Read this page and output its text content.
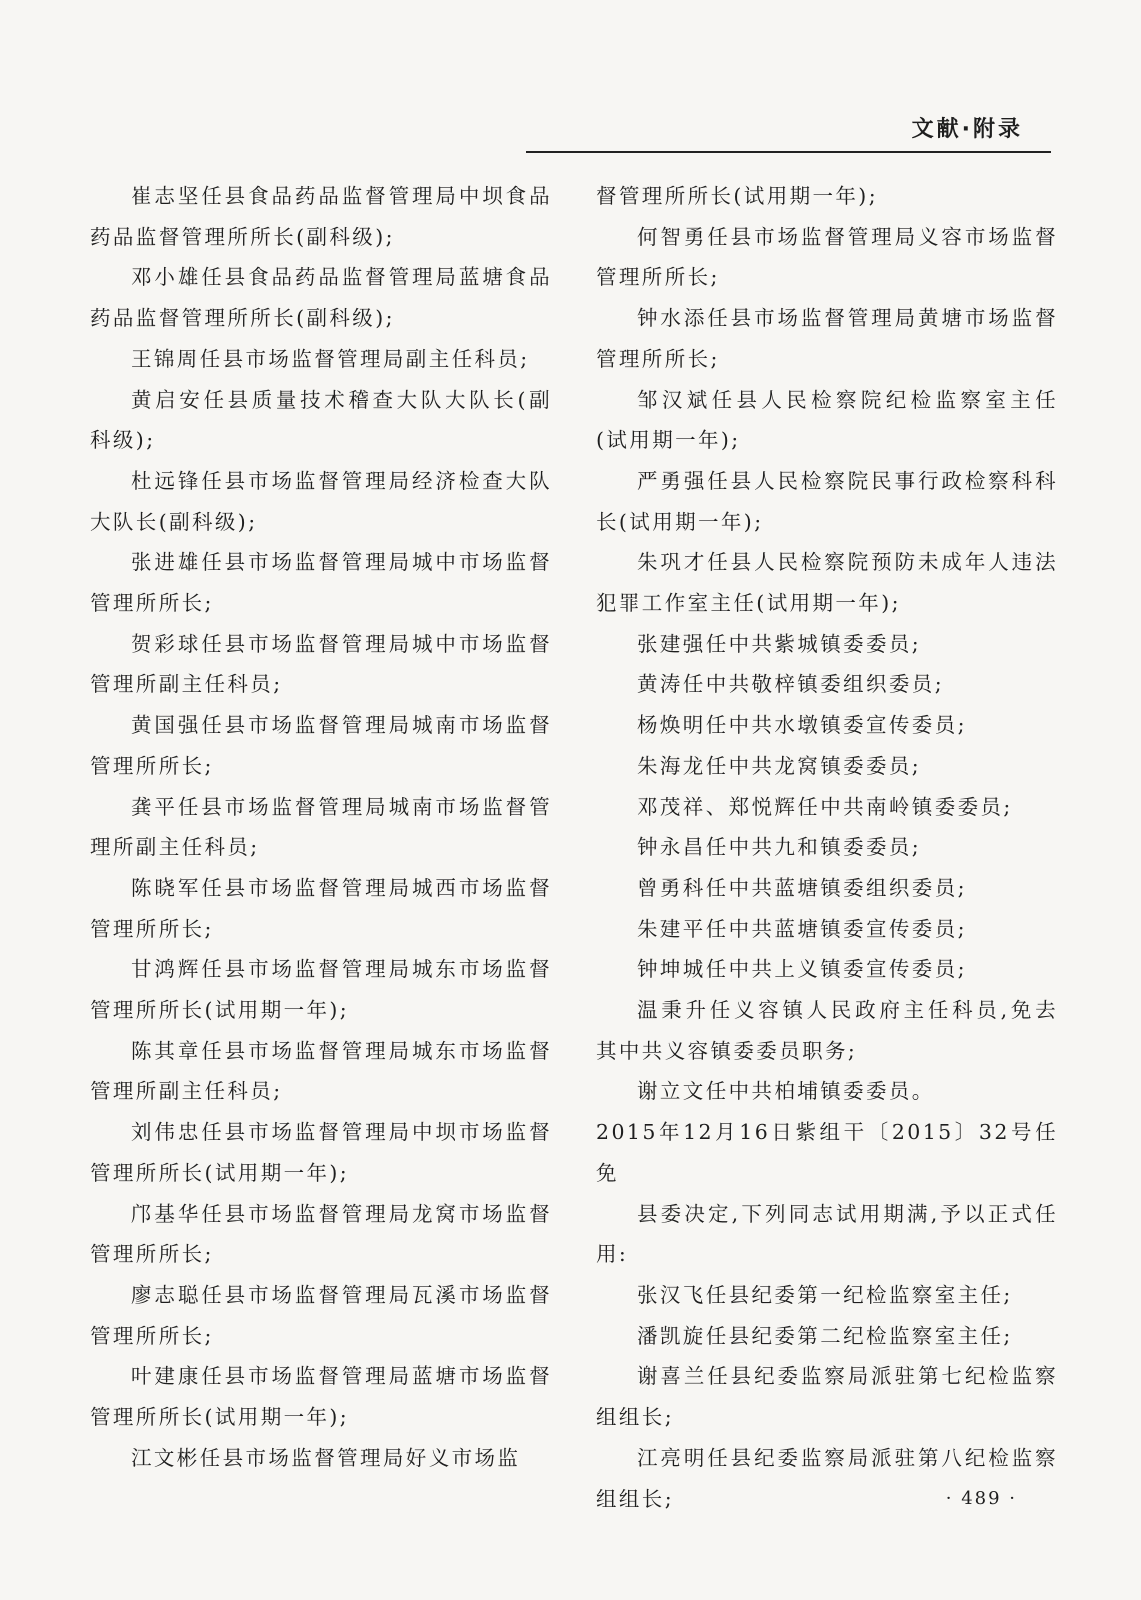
文献·附录

崔志坚任县食品药品监督管理局中坝食品药品监督管理所所长(副科级);

邓小雄任县食品药品监督管理局蓝塘食品药品监督管理所所长(副科级);

王锦周任县市场监督管理局副主任科员;

黄启安任县质量技术稽查大队大队长(副科级);

杜远锋任县市场监督管理局经济检查大队大队长(副科级);

张进雄任县市场监督管理局城中市场监督管理所所长;

贺彩球任县市场监督管理局城中市场监督管理所副主任科员;

黄国强任县市场监督管理局城南市场监督管理所所长;

龚平任县市场监督管理局城南市场监督管理所副主任科员;

陈晓军任县市场监督管理局城西市场监督管理所所长;

甘鸿辉任县市场监督管理局城东市场监督管理所所长(试用期一年);

陈其章任县市场监督管理局城东市场监督管理所副主任科员;

刘伟忠任县市场监督管理局中坝市场监督管理所所长(试用期一年);

邝基华任县市场监督管理局龙窝市场监督管理所所长;

廖志聪任县市场监督管理局瓦溪市场监督管理所所长;

叶建康任县市场监督管理局蓝塘市场监督管理所所长(试用期一年);

江文彬任县市场监督管理局好义市场监

督管理所所长(试用期一年);

何智勇任县市场监督管理局义容市场监督管理所所长;

钟水添任县市场监督管理局黄塘市场监督管理所所长;

邹汉斌任县人民检察院纪检监察室主任(试用期一年);

严勇强任县人民检察院民事行政检察科科长(试用期一年);

朱巩才任县人民检察院预防未成年人违法犯罪工作室主任(试用期一年);

张建强任中共紫城镇委委员;

黄涛任中共敬梓镇委组织委员;

杨焕明任中共水墩镇委宣传委员;

朱海龙任中共龙窝镇委委员;

邓茂祥、郑悦辉任中共南岭镇委委员;

钟永昌任中共九和镇委委员;

曾勇科任中共蓝塘镇委组织委员;

朱建平任中共蓝塘镇委宣传委员;

钟坤城任中共上义镇委宣传委员;

温秉升任义容镇人民政府主任科员,免去其中共义容镇委委员职务;

谢立文任中共柏埔镇委委员。

2015年12月16日紫组干〔2015〕32号任免

县委决定,下列同志试用期满,予以正式任用:

张汉飞任县纪委第一纪检监察室主任;

潘凯旋任县纪委第二纪检监察室主任;

谢喜兰任县纪委监察局派驻第七纪检监察组组长;

江亮明任县纪委监察局派驻第八纪检监察组组长;	· 489 ·
